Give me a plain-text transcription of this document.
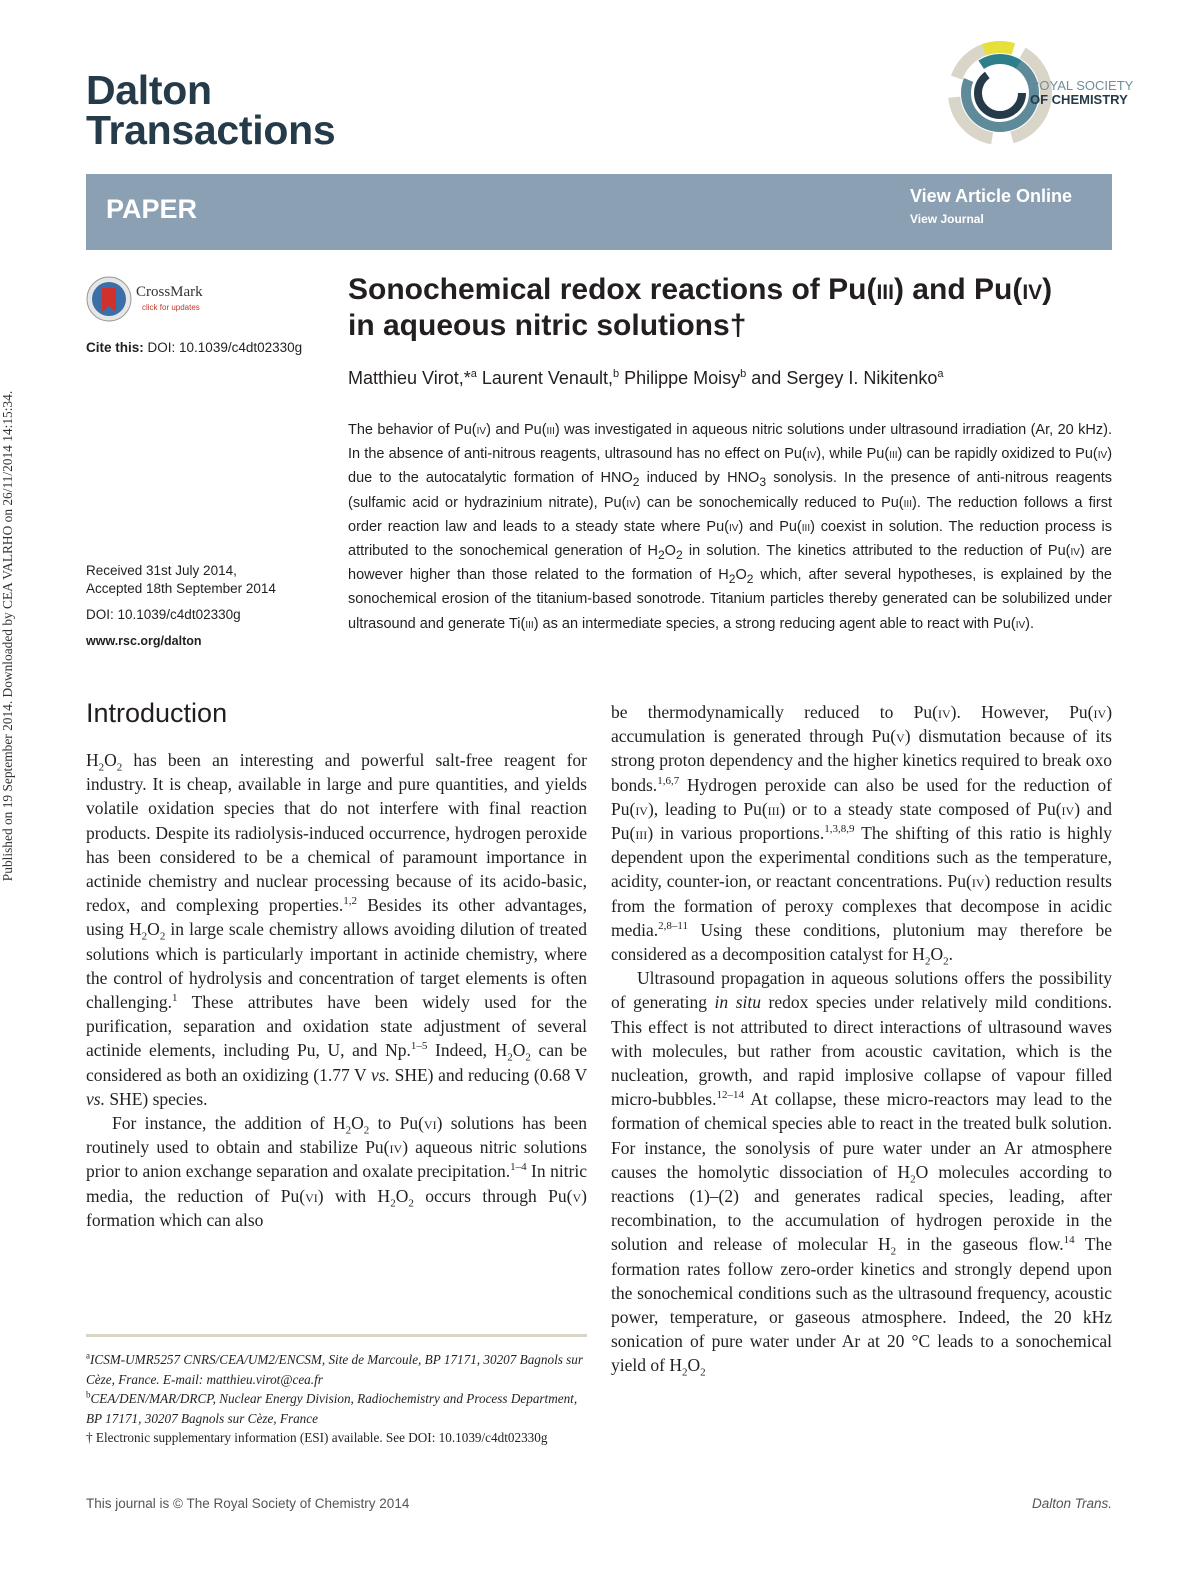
Published on 19 September 2014. Downloaded by CEA VALRHO on 26/11/2014 14:15:34.
Dalton
Transactions
ROYAL SOCIETY
OF CHEMISTRY
PAPER	View Article Online
View Journal
CrossMark
click for updates
Cite this: DOI: 10.1039/c4dt02330g
Sonochemical redox reactions of Pu(iii) and Pu(iv)
in aqueous nitric solutions†
Matthieu Virot,*$^a$ Laurent Venault,$^b$ Philippe Moisy$^b$ and Sergey I. Nikitenko$^a$
The behavior of Pu(iv) and Pu(iii) was investigated in aqueous nitric solutions under ultrasound irradiation (Ar, 20 kHz). In the absence of anti-nitrous reagents, ultrasound has no effect on Pu(iv), while Pu(iii) can be rapidly oxidized to Pu(iv) due to the autocatalytic formation of $HNO_2$ induced by $HNO_3$ sonolysis. In the presence of anti-nitrous reagents (sulfamic acid or hydrazinium nitrate), Pu(iv) can be sonochemically reduced to Pu(iii). The reduction follows a first order reaction law and leads to a steady state where Pu(iv) and Pu(iii) coexist in solution. The reduction process is attributed to the sonochemical generation of $H_2O_2$ in solution. The kinetics attributed to the reduction of Pu(iv) are however higher than those related to the formation of $H_2O_2$ which, after several hypotheses, is explained by the sonochemical erosion of the titanium-based sonotrode. Titanium particles thereby generated can be solubilized under ultrasound and generate Ti(iii) as an intermediate species, a strong reducing agent able to react with Pu(iv).
Received 31st July 2014,
Accepted 18th September 2014
DOI: 10.1039/c4dt02330g
www.rsc.org/dalton
Introduction

$H_2O_2$ has been an interesting and powerful salt-free reagent for industry. It is cheap, available in large and pure quantities, and yields volatile oxidation species that do not interfere with final reaction products. Despite its radiolysis-induced occurrence, hydrogen peroxide has been considered to be a chemical of paramount importance in actinide chemistry and nuclear processing because of its acido-basic, redox, and complexing properties.$^{1,2}$ Besides its other advantages, using $H_2O_2$ in large scale chemistry allows avoiding dilution of treated solutions which is particularly important in actinide chemistry, where the control of hydrolysis and concentration of target elements is often challenging.$^1$ These attributes have been widely used for the purification, separation and oxidation state adjustment of several actinide elements, including Pu, U, and Np.$^{1-5}$ Indeed, $H_2O_2$ can be considered as both an oxidizing (1.77 V vs. SHE) and reducing (0.68 V vs. SHE) species.

For instance, the addition of $H_2O_2$ to Pu(vi) solutions has been routinely used to obtain and stabilize Pu(iv) aqueous nitric solutions prior to anion exchange separation and oxalate precipitation.$^{1-4}$ In nitric media, the reduction of Pu(vi) with $H_2O_2$ occurs through Pu(v) formation which can also

be thermodynamically reduced to Pu(iv). However, Pu(iv) accumulation is generated through Pu(v) dismutation because of its strong proton dependency and the higher kinetics required to break oxo bonds.$^{1,6,7}$ Hydrogen peroxide can also be used for the reduction of Pu(iv), leading to Pu(iii) or to a steady state composed of Pu(iv) and Pu(iii) in various proportions.$^{1,3,8,9}$ The shifting of this ratio is highly dependent upon the experimental conditions such as the temperature, acidity, counter-ion, or reactant concentrations. Pu(iv) reduction results from the formation of peroxy complexes that decompose in acidic media.$^{2,8-11}$ Using these conditions, plutonium may therefore be considered as a decomposition catalyst for $H_2O_2$.

Ultrasound propagation in aqueous solutions offers the possibility of generating in situ redox species under relatively mild conditions. This effect is not attributed to direct interactions of ultrasound waves with molecules, but rather from acoustic cavitation, which is the nucleation, growth, and rapid implosive collapse of vapour filled micro-bubbles.$^{12-14}$ At collapse, these micro-reactors may lead to the formation of chemical species able to react in the treated bulk solution. For instance, the sonolysis of pure water under an Ar atmosphere causes the homolytic dissociation of $H_2O$ molecules according to reactions (1)–(2) and generates radical species, leading, after recombination, to the accumulation of hydrogen peroxide in the solution and release of molecular $H_2$ in the gaseous flow.$^{14}$ The formation rates follow zero-order kinetics and strongly depend upon the sonochemical conditions such as the ultrasound frequency, acoustic power, temperature, or gaseous atmosphere. Indeed, the 20 kHz sonication of pure water under Ar at 20 °C leads to a sonochemical yield of $H_2O_2$

$^a$ICSM-UMR5257 CNRS/CEA/UM2/ENCSM, Site de Marcoule, BP 17171, 30207 Bagnols sur Cèze, France. E-mail: matthieu.virot@cea.fr
$^b$CEA/DEN/MAR/DRCP, Nuclear Energy Division, Radiochemistry and Process Department, BP 17171, 30207 Bagnols sur Cèze, France
† Electronic supplementary information (ESI) available. See DOI: 10.1039/c4dt02330g
This journal is © The Royal Society of Chemistry 2014	Dalton Trans.
